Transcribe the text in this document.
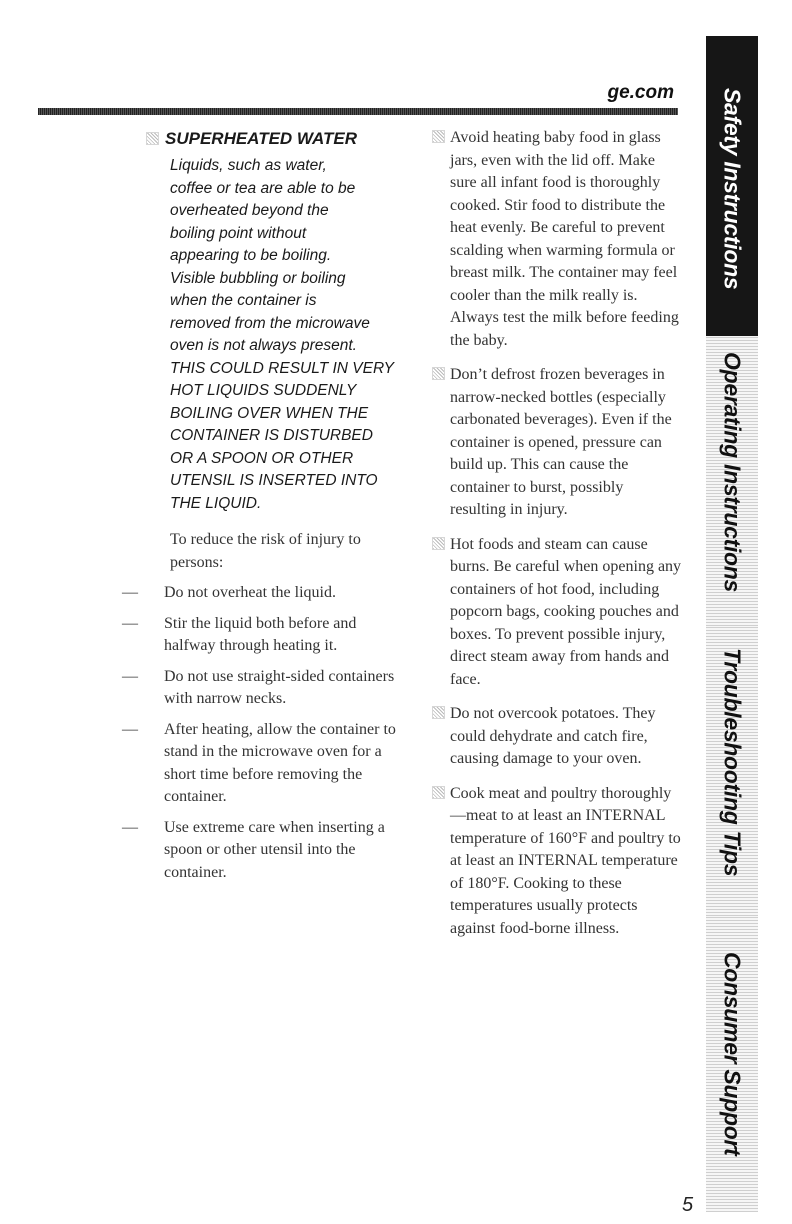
ge.com
SUPERHEATED WATER
Liquids, such as water,
coffee or tea are able to be
overheated beyond the
boiling point without
appearing to be boiling.
Visible bubbling or boiling
when the container is
removed from the microwave
oven is not always present.
THIS COULD RESULT IN VERY
HOT LIQUIDS SUDDENLY
BOILING OVER WHEN THE
CONTAINER IS DISTURBED
OR A SPOON OR OTHER
UTENSIL IS INSERTED INTO
THE LIQUID.
To reduce the risk of injury to persons:
— Do not overheat the liquid.
— Stir the liquid both before and halfway through heating it.
— Do not use straight-sided containers with narrow necks.
— After heating, allow the container to stand in the microwave oven for a short time before removing the container.
— Use extreme care when inserting a spoon or other utensil into the container.
Avoid heating baby food in glass jars, even with the lid off. Make sure all infant food is thoroughly cooked. Stir food to distribute the heat evenly. Be careful to prevent scalding when warming formula or breast milk. The container may feel cooler than the milk really is. Always test the milk before feeding the baby.
Don’t defrost frozen beverages in narrow-necked bottles (especially carbonated beverages). Even if the container is opened, pressure can build up. This can cause the container to burst, possibly resulting in injury.
Hot foods and steam can cause burns. Be careful when opening any containers of hot food, including popcorn bags, cooking pouches and boxes. To prevent possible injury, direct steam away from hands and face.
Do not overcook potatoes. They could dehydrate and catch fire, causing damage to your oven.
Cook meat and poultry thoroughly—meat to at least an INTERNAL temperature of 160°F and poultry to at least an INTERNAL temperature of 180°F. Cooking to these temperatures usually protects against food-borne illness.
Safety Instructions
Operating Instructions
Troubleshooting Tips
Consumer Support
5
